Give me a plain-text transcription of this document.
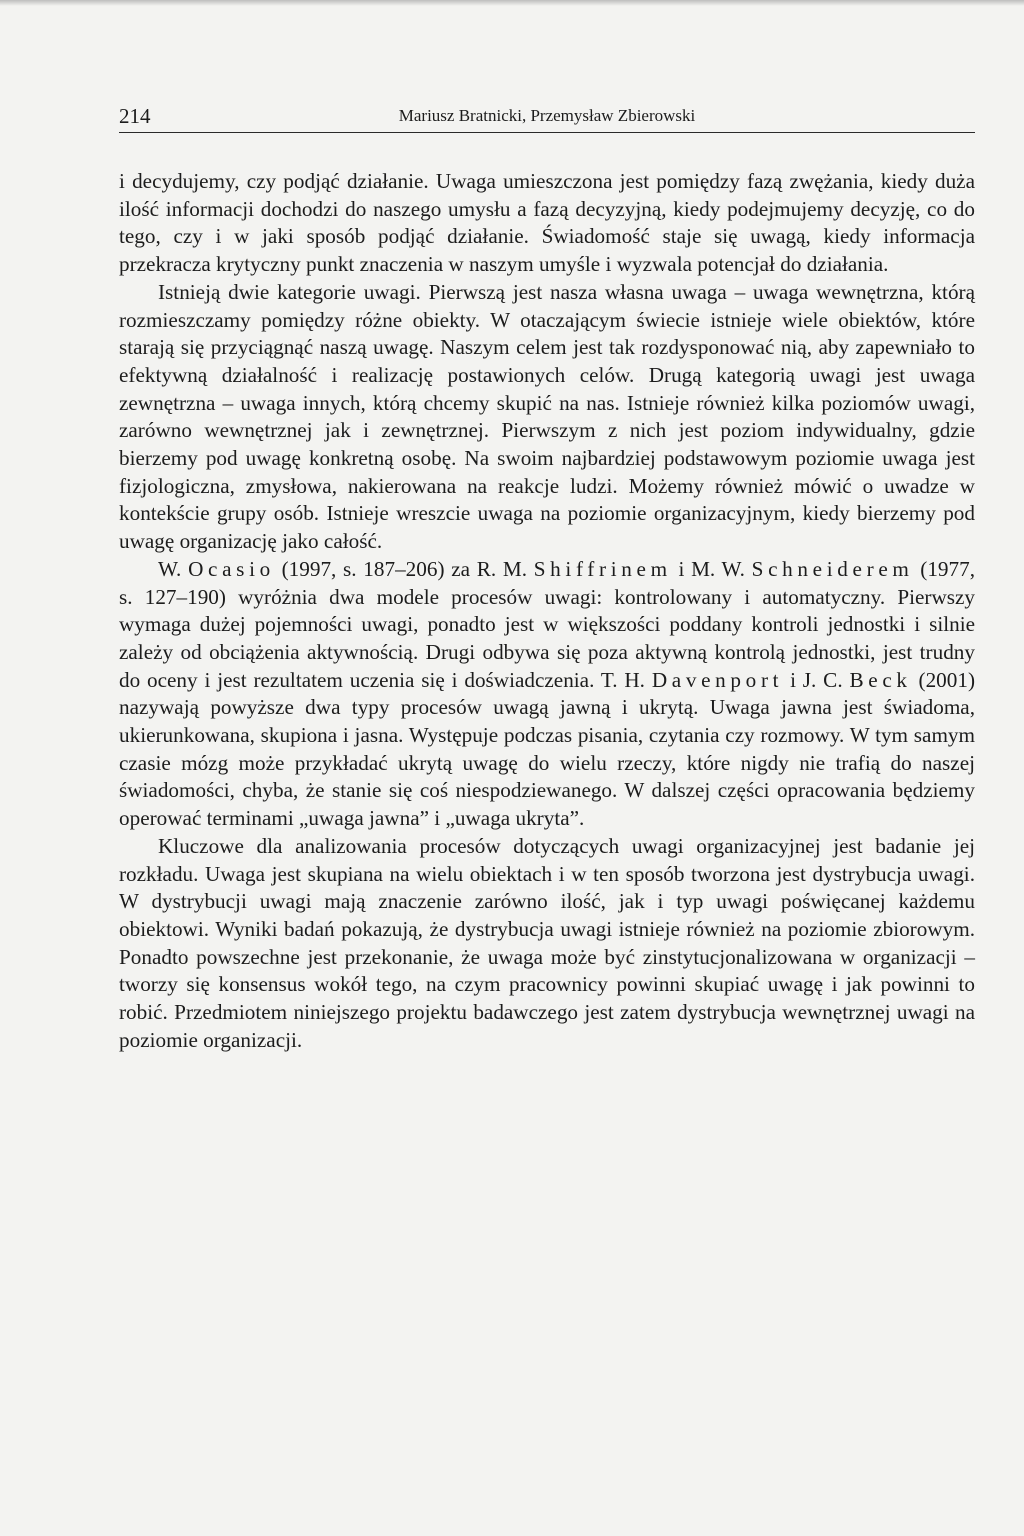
214	Mariusz Bratnicki, Przemysław Zbierowski

i decydujemy, czy podjąć działanie. Uwaga umieszczona jest pomiędzy fazą zwężania, kiedy duża ilość informacji dochodzi do naszego umysłu a fazą decyzyjną, kiedy podejmujemy decyzję, co do tego, czy i w jaki sposób podjąć działanie. Świadomość staje się uwagą, kiedy informacja przekracza krytyczny punkt znaczenia w naszym umyśle i wyzwala potencjał do działania.

Istnieją dwie kategorie uwagi. Pierwszą jest nasza własna uwaga – uwaga wewnętrzna, którą rozmieszczamy pomiędzy różne obiekty. W otaczającym świecie istnieje wiele obiektów, które starają się przyciągnąć naszą uwagę. Naszym celem jest tak rozdysponować nią, aby zapewniało to efektywną działalność i realizację postawionych celów. Drugą kategorią uwagi jest uwaga zewnętrzna – uwaga innych, którą chcemy skupić na nas. Istnieje również kilka poziomów uwagi, zarówno wewnętrznej jak i zewnętrznej. Pierwszym z nich jest poziom indywidualny, gdzie bierzemy pod uwagę konkretną osobę. Na swoim najbardziej podstawowym poziomie uwaga jest fizjologiczna, zmysłowa, nakierowana na reakcje ludzi. Możemy również mówić o uwadze w kontekście grupy osób. Istnieje wreszcie uwaga na poziomie organizacyjnym, kiedy bierzemy pod uwagę organizację jako całość.

W. Ocasio (1997, s. 187–206) za R. M. Shiffrinem i M. W. Schneiderem (1977, s. 127–190) wyróżnia dwa modele procesów uwagi: kontrolowany i automatyczny. Pierwszy wymaga dużej pojemności uwagi, ponadto jest w większości poddany kontroli jednostki i silnie zależy od obciążenia aktywnością. Drugi odbywa się poza aktywną kontrolą jednostki, jest trudny do oceny i jest rezultatem uczenia się i doświadczenia. T. H. Davenport i J. C. Beck (2001) nazywają powyższe dwa typy procesów uwagą jawną i ukrytą. Uwaga jawna jest świadoma, ukierunkowana, skupiona i jasna. Występuje podczas pisania, czytania czy rozmowy. W tym samym czasie mózg może przykładać ukrytą uwagę do wielu rzeczy, które nigdy nie trafią do naszej świadomości, chyba, że stanie się coś niespodziewanego. W dalszej części opracowania będziemy operować terminami „uwaga jawna” i „uwaga ukryta”.

Kluczowe dla analizowania procesów dotyczących uwagi organizacyjnej jest badanie jej rozkładu. Uwaga jest skupiana na wielu obiektach i w ten sposób tworzona jest dystrybucja uwagi. W dystrybucji uwagi mają znaczenie zarówno ilość, jak i typ uwagi poświęcanej każdemu obiektowi. Wyniki badań pokazują, że dystrybucja uwagi istnieje również na poziomie zbiorowym. Ponadto powszechne jest przekonanie, że uwaga może być zinstytucjonalizowana w organizacji – tworzy się konsensus wokół tego, na czym pracownicy powinni skupiać uwagę i jak powinni to robić. Przedmiotem niniejszego projektu badawczego jest zatem dystrybucja wewnętrznej uwagi na poziomie organizacji.
